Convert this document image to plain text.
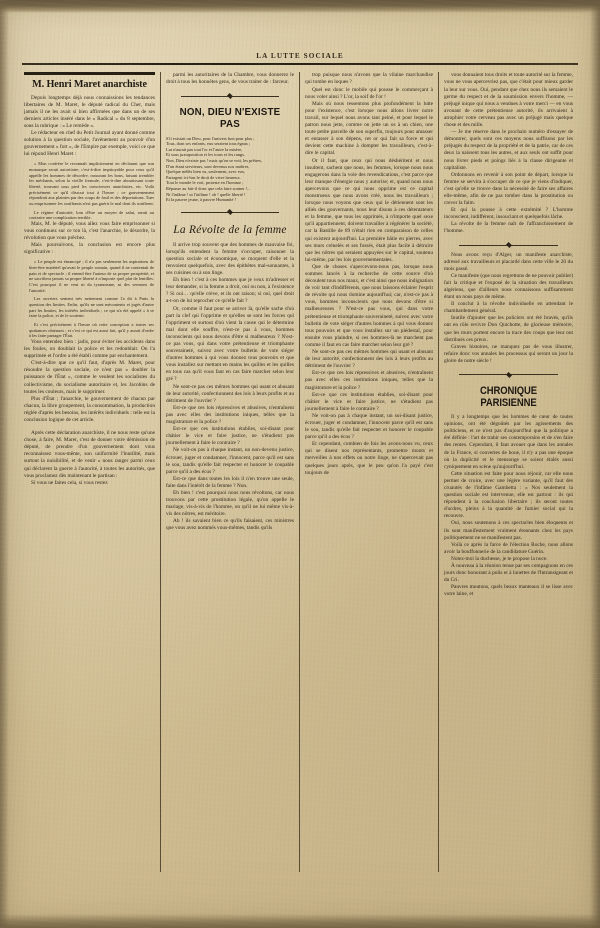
LA LUTTE SOCIALE
M. Henri Maret anarchiste

Depuis longtemps déjà nous connaissions les tendances libertaires de M. Maret, le député radical du Cher, mais jamais il ne les avait si bien affirmées que dans un de ses derniers articles inséré dans le « Radical » du 8 septembre, sous la rubrique : « Le remède ».

Le rédacteur en chef du Petit Journal ayant donné comme solution à la question sociale, l'avènement au pouvoir d'un gouvernement « fort », de l'Empire par exemple, voici ce que lui répond Henri Maret :

« Mon confrère le reconnaît implicitement en déclarant que son monarque serait autoritaire, c'est-à-dire impitoyable pour ceux qu'il appelle les hommes de désordre, rassurant les bons, faisant trembler les méchants, selon la vieille formule, c'est-à-dire aboutissant toute liberté, trouvant sous pied les consciences anarchistes, etc. Voilà précisément ce qu'il dissout tout à l'heure ; ce gouvernement répondrait aux plaintes par des coups de fusil et des déportations. Tuer ou emprisonner les souffrants n'est pas guérir le mal dont ils souffrent.

Le régime d'autorité, loin d'être un moyen de salut, serait au contraire une complication terrible.

Mais, M. le député, vous allez vous faire emprisonner si vous continuez sur ce ton là, c'est l'anarchie, le désordre, la révolution que vous prêchez.

Mais poursuivons, la conclusion est encore plus significative :

« Le peuple est émancipé ; il n'a pas seulement les aspirations de bien-être matériel qu'avait le peuple romain, quand il ne contentait de pain et de spectacle ; il entend être l'auteur de sa propre prospérité, et ne sacrifiera jamais sa propre liberté à n'importe quel plat de lentilles. C'est pourquoi il ne veut ni du tyrannisme, ni des sermons de l'autorité.

Les ouvriers sentent très nettement comme l'a dit à Paris la question des limites. Enfin, qu'ils ne sont mécontents et jugés d'autre part les limites, les intérêts individuels ; ce qui n'a été appelé « à se faire la police, et de le soutenir.

Et c'est précisément à l'heure où cette conception a toutes ses quittances obtenues ; et c'est ce qui est aussi fait, qu'il y aurait d'ordre à les faire partager l'État.

Vous entendez bien : jadis, pour éviter les accidents dans les foules, on doublait la police et les redoublait. On l'a supprimée et l'ordre a été établi comme par enchantement.

C'est-à-dire que ce qu'il faut, d'après M. Maret, pour résoudre la question sociale, ce n'est pas « doubler la puissance de l'État », comme le veulent les socialistes du collectivisme, du socialisme autoritaire et, les Jacobins de toutes les couleurs, mais le supprimer.

Plus d'État ; l'anarchie, le gouvernement de chacun par chacun, la libre groupement, la consommation, la production réglée d'après les besoins, les intérêts individuels : telle est la conclusion logique de cet article.

Après cette déclaration anarchiste, il ne nous reste qu'une chose, à faire, M. Maret, c'est de donner votre démission de député, de prendre d'un gouvernement dont vous reconnaissez vous-même, son uniformité l'inutilité, mais surtout la nuisibilité, et de venir « nous ranger parmi ceux qui déclarent la guerre à l'autorité, à toutes les autorités, que vous proclamez dès maintenant le partisan :

Si vous ne faites cela, si vous restez

parmi les autoritaires de la Chambre, vous donnerez le droit à tous les honnêtes gens, de vous traiter de : farceur.

NON, DIEU N'EXISTE PAS
S'il existait un Dieu, pour l'univers bon pour plus ;
Tous, dont ses enfants, eux seraient tous égaux ;
Lui n'aurait pas tout l'or et l'autre la misère,
Et sous juxtaposition et les tours et les rangs.
Non, Dieu n'existe pas ! mais qu'on se voit, les prêtres,
D'un étant serviteurs, sont devenus nos maîtres,
Quelque mêlés bien vu, seulement, avec eux,
Partagent ici-bas le droit de vivre heureux.
Tout le monde le voit, proteste en l'homme ;
Réponse au fait-il donc que cela faire sonner !...
Ni l'infâme ! ni l'infâme ! oh ! quelle liberté !
Et la pauvre jeune, à pauvre Humanité !
La Révolte de la femme

Il arrive trop souvent que des hommes de mauvaise foi, lorsqu'ils entendent la femme s'occuper, raisonner la question sociale et économique, se moquent d'elle et la renvoient quelquefois, avec des épithètes mal-sonnantes, à ses cuisines ou à son linge.

Eh bien ! c'est à ces hommes que je veux m'adresser et leur demander, si la femme a droit, oui ou non, à l'existence ? Si oui… qu'elle crève, et ils ont raison; si oui, quel droit a-t-on de lui reprocher ce qu'elle fait ?

Or, comme il faut pour se arriver là, qu'elle sache d'où part la clef qui l'opprime et qu'elles se sont les forces qui l'oppriment et surtout d'où vient la cause qui le détermine mal dont elle souffre, n'est-ce pas à vous, hommes inconscients qui nous devons d'être si malheureux ? N'est-ce pas vous, qui dans votre prétentieuse et triomphante souveraineté, suivez avec votre bulletin de vote siéger d'autres hommes à qui vous donnez tous pouvoirs et que vous installez sur mettant en mains les quilles et les quilles en tous cas qu'il vous faut en cas faire marcher selon leur gré ?

Ne sont-ce pas ces mêmes hommes qui usant et abusant de leur autorité, confectionnent des lois à leurs profits et au détriment de l'ouvrier ?

Est-ce que ces lois répressives et abusives, n'entraînent pas avec elles des institutions iniques, telles que la magistrature et la police ?

Est-ce que ces institutions établies, soi-disant pour châtier le vice et faire justice, ne s'étudient pas journellement à faire le contraire ?

Ne voit-on pas à chaque instant, un non-devenu justice, écrouer, juger et condamner, l'innocent, parce qu'il est sans le sou, tandis qu'elle fait respecter et honorer le coupable parce qu'il a des écus ?

Est-ce que dans toutes les lois il n'en trouve une seule, faite dans l'intérêt de la femme ? Non.

Eh bien ! c'est pourquoi nous nous révoltons, car nous trouvons par cette prostitution légale, qu'on appelle le mariage, vis-à-vis de l'homme, on qu'il ne lui même vis-à-vis des nôtres, est méritoire.

Ah ! ils savaient bien ce qu'ils faisaient, ces ministres que vous avez nommés vous-mêmes, tandis qu'ils

trop puisque nous n'avons que la vilaine marchandise qui tombe en loques ?

Quel est donc le mobile qui pousse le commerçant à nous voler ainsi ? L'or, la soif de l'or !

Mais où nous ressentons plus profondément la lutte pour l'existence, c'est lorsque nous allons livrer notre travail, sur lequel nous avons tant peiné, et pour lequel le patron nous jette, comme on jette un os à un chien, une toute petite parcelle de son superflu, toujours pour amasser et entasser à son dépens, cet or qui fait sa force et qui devient cette machine à dompter les travailleurs, c'est-à-dire le capital.

Or il faut, que ceux qui nous déshéritent et nous insultent, sachent que nous, les femmes, lorsque nous nous engagerons dans la voie des revendications, c'est parce que leur manque d'énergie nous y autorise; et, quand nous nous apercevons que ce qui nous opprime est ce capital monstrueux que nous avons créé, nous les travailleurs ; lorsque nous voyons que ceux qui le détiennent sont les alliés des gouvernants, nous leur disons à ces détentateurs et la femme, que tous les opprimés, à n'importe quel sexe qu'il appartiennent, doivent travailler à régénérer la société, car la Bastille de 89 n'était rien en comparaison de celles qui existent aujourd'hui. La première bâtie en pierres, avec ses murs crénelés et ses fossés, était plus facile à détruire que les nôtres qui seraient appuyées sur le capital, soutenu lui-même, par les lois gouvernementales.

Que de choses s'apercevons-nous pas, lorsque nous sommes lancés à la recherche de cette source d'où découlent tous nos maux, et c'est ainsi que nous indignation de voir tant d'indifférents, que nous laissons éclairer l'esprit de révolte qui nous domine aujourd'hui; car, n'est-ce pas à vous, hommes inconscients que nous devons d'être si malheureuses ? N'est-ce pas vous, qui dans votre prétentieuse et triomphante souveraineté, suivez avec votre bulletin de vote siéger d'autres hommes à qui vous donnez tous pouvoirs et que vous installez sur un piédestal, pour ensuite vous plaindre, si ces hommes-là ne marchent pas comme il faut en cas faire marcher selon leur gré ?

Ne sont-ce pas ces mêmes hommes qui usant et abusant de leur autorité, confectionnent des lois à leurs profits au détriment de l'ouvrier ?

Est-ce que ces lois répressives et abusives, n'entraînent pas avec elles ces institutions iniques, telles que la magistrature et la police ?

Est-ce que ces institutions établies, soi-disant pour châtier le vice et faire justice, ne s'étudient pas journellement à faire le contraire ?

Ne voit-on pas à chaque instant, un soi-disant justice, écrouer, juger et condamner, l'innocent parce qu'il est sans le sou, tandis qu'elle fait respecter et honorer le coupable parce qu'il a des écus ?

Et cependant, combien de fois les avons-nous vu, ceux qui se disent nos représentants, promettre monts et merveilles à nos effets ou notre linge, ne s'apercevait pas quelques jours après, que le peu qu'on l'a payé c'est toujours de

vous donnaient tous droits et toute autorité sur la femme, vous ne vous apercevriez pas, que c'était pour mieux garder la leur sur vous. Oui, pendant que chez nous ils semaient le germe du respect et de la soumission envers l'homme, — préjugé inique qui nous a vendues à votre merci — en vous avouant de cette prétentieuse autorité, ils arrivaient à atrophier votre cerveau pas avec un préjugé mais quelque chose et des mille.

— Je me réserve dans le prochain numéro d'essayer de démontrer, quels sont ces moyens nous suffisons par les préjugés du respect de la propriété et de la patrie, car de ces deux la naissent tous les autres, et aux seuls ont suffit pour nous livrer pieds et poings liés à la classe dirigeante et capitaliste.

Ordonnons en revenir à son point de départ, lorsque la femme se servira à s'occuper de ce que je viens d'indiquer, c'est qu'elle se trouve dans la nécessité de faire ses affaires elle-même, afin de ne pas tomber dans la prostitution ou crever la faim.

Et qui la pousse à cette extrémité ? L'homme inconscient, indifférent, insouciant et quelquefois lâche.

La révolte de la femme naît de l'affranchissement de l'homme.

Nous avons reçu d'Alger, un manifeste anarchiste, adressé aux travailleurs et placardé dans cette ville le 20 du mois passé.

Ce manifeste (que nous regrettons de ne pouvoir publier) fait la critique et l'exposé de la situation des travailleurs algériens, que d'ailleurs nous connaissons suffisamment étant un nous pays de même.

Il conclut à la révolte individuelle en attendant le chambardement général.

Inutile d'ajouter que les policiers ont été bravés, qu'ils ont en rôle revivre Don Quichotte, de glorieuse mémoire, que les murs portent encore la trace des coups que leur ont distribués ces preux.

Graves histoires, ne manquez pas de vous illustrer, refaire donc vos annales les processus qui seront un jour la gloire de notre siècle !

CHRONIQUE PARISIENNE

Il y a longtemps que les hommes de cœur de toutes opinions, ont été dégoûtés par les agissements des politiciens, et ce n'est pas d'aujourd'hui que la politique a été définie : l'art de trahir ses contemporains et de s'en faire des rentes. Cependant, il faut avouer que dans les annales de la France, si couvertes de boue, il n'y a pas une époque où la duplicité et le mensonge se soient étalés aussi cyniquement en scène qu'aujourd'hui.

Cette situation est faite pour nous réjouir, car elle nous permet de croire, avec une légère variante, qu'il faut des cruautés de l'infâme Gambetta : « Nos seulement la question sociale est intervenue, elle est partout : ils qui répondent à la conclusion libertaire ; ils seront toutes d'ordres, pleins à la quantité de fumier social qui la recouvre.

Oui, nous soutenons à ces spectacles bien éloquents et ils sont manifestement vraiment étonnants chez les pays politiquement ne se manifestent pas.

Voilà ce après la farce de l'élection Roche, nous allons avoir la bouffonnerie de la candidature Guérin.

Notez-moi la duchesse, je te propose la noce.

À nouveau à la réunion tenue par ses compagnons en ces jours donc honorant à polis et à lunettes de l'Intransigeant et du Cri.

Pauvres moutons, quels beaux manteaux il se lisse avec votre laine, et
